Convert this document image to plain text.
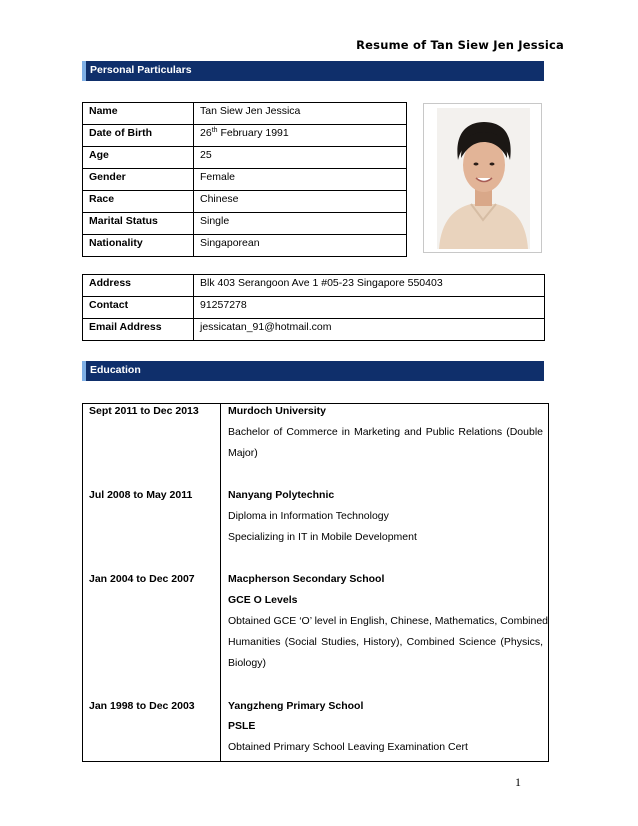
Resume of Tan Siew Jen Jessica
Personal Particulars
Name	Tan Siew Jen Jessica
Date of Birth	26th February 1991
Age	25
Gender	Female
Race	Chinese
Marital Status	Single
Nationality	Singaporean
Address	Blk 403 Serangoon Ave 1 #05-23 Singapore 550403
Contact	91257278
Email Address	jessicatan_91@hotmail.com
Education
Sept 2011 to Dec 2013	Murdoch University
Bachelor of Commerce in Marketing and Public Relations (Double
Major)
Jul 2008 to May 2011	Nanyang Polytechnic
Diploma in Information Technology
Specializing in IT in Mobile Development
Jan 2004 to Dec 2007	Macpherson Secondary School
GCE O Levels
Obtained GCE ‘O’ level in English, Chinese, Mathematics, Combined
Humanities (Social Studies, History), Combined Science (Physics,
Biology)
Jan 1998 to Dec 2003	Yangzheng Primary School
PSLE
Obtained Primary School Leaving Examination Cert
1
